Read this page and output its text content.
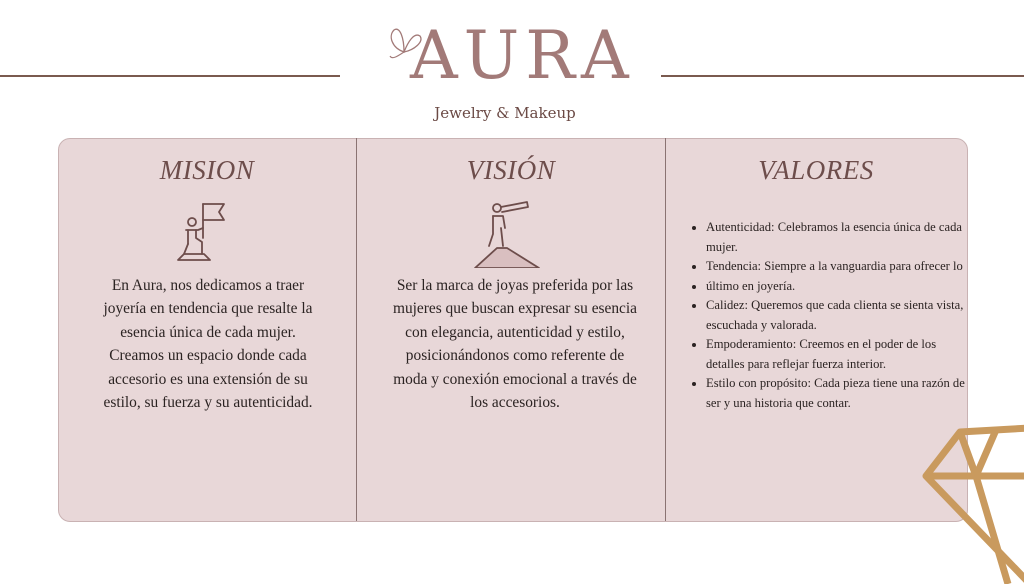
AURA
Jewelry & Makeup
MISION
En Aura, nos dedicamos a traer joyería en tendencia que resalte la esencia única de cada mujer. Creamos un espacio donde cada accesorio es una extensión de su estilo, su fuerza y su autenticidad.
VISIÓN
Ser la marca de joyas preferida por las mujeres que buscan expresar su esencia con elegancia, autenticidad y estilo, posicionándonos como referente de moda y conexión emocional a través de los accesorios.
VALORES
• Autenticidad: Celebramos la esencia única de cada mujer.
• Tendencia: Siempre a la vanguardia para ofrecer lo
• último en joyería.
• Calidez: Queremos que cada clienta se sienta vista, escuchada y valorada.
• Empoderamiento: Creemos en el poder de los detalles para reflejar fuerza interior.
• Estilo con propósito: Cada pieza tiene una razón de ser y una historia que contar.
